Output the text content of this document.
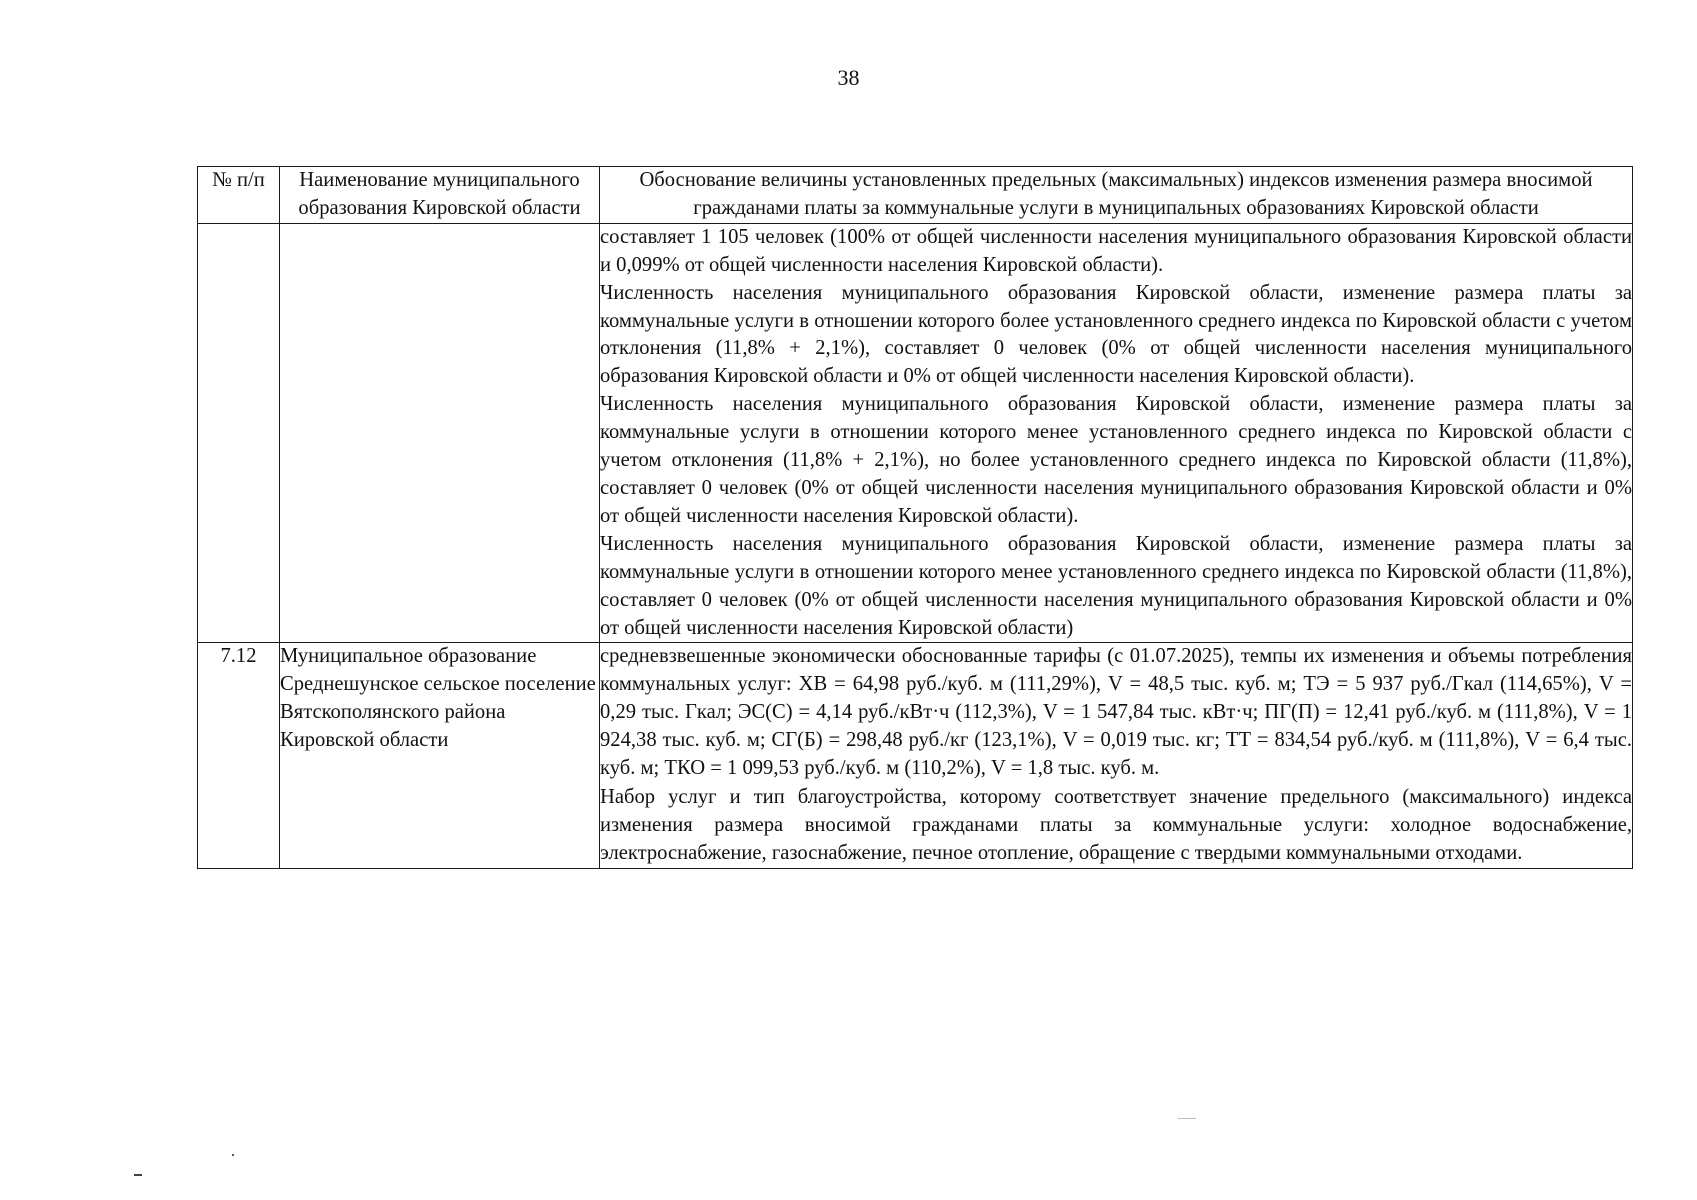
38
№ п/п	Наименование муниципального образования Кировской области	Обоснование величины установленных предельных (максимальных) индексов изменения размера вносимой гражданами платы за коммунальные услуги в муниципальных образованиях Кировской области

		составляет 1 105 человек (100% от общей численности населения муниципального образования Кировской области и 0,099% от общей численности населения Кировской области).

Численность населения муниципального образования Кировской области, изменение размера платы за коммунальные услуги в отношении которого более установленного среднего индекса по Кировской области с учетом отклонения (11,8% + 2,1%), составляет 0 человек (0% от общей численности населения муниципального образования Кировской области и 0% от общей численности населения Кировской области).

Численность населения муниципального образования Кировской области, изменение размера платы за коммунальные услуги в отношении которого менее установленного среднего индекса по Кировской области с учетом отклонения (11,8% + 2,1%), но более установленного среднего индекса по Кировской области (11,8%), составляет 0 человек (0% от общей численности населения муниципального образования Кировской области и 0% от общей численности населения Кировской области).

Численность населения муниципального образования Кировской области, изменение размера платы за коммунальные услуги в отношении которого менее установленного среднего индекса по Кировской области (11,8%), составляет 0 человек (0% от общей численности населения муниципального образования Кировской области и 0% от общей численности населения Кировской области)

7.12	Муниципальное образование Среднешунское сельское поселение Вятскополянского района Кировской области	средневзвешенные экономически обоснованные тарифы (с 01.07.2025), темпы их изменения и объемы потребления коммунальных услуг: ХВ = 64,98 руб./куб. м (111,29%), V = 48,5 тыс. куб. м; ТЭ = 5 937 руб./Гкал (114,65%), V = 0,29 тыс. Гкал; ЭС(С) = 4,14 руб./кВт·ч (112,3%), V = 1 547,84 тыс. кВт·ч; ПГ(П) = 12,41 руб./куб. м (111,8%), V = 1 924,38 тыс. куб. м; СГ(Б) = 298,48 руб./кг (123,1%), V = 0,019 тыс. кг; ТТ = 834,54 руб./куб. м (111,8%), V = 6,4 тыс. куб. м; ТКО = 1 099,53 руб./куб. м (110,2%), V = 1,8 тыс. куб. м.

Набор услуг и тип благоустройства, которому соответствует значение предельного (максимального) индекса изменения размера вносимой гражданами платы за коммунальные услуги: холодное водоснабжение, электроснабжение, газоснабжение, печное отопление, обращение с твердыми коммунальными отходами.
